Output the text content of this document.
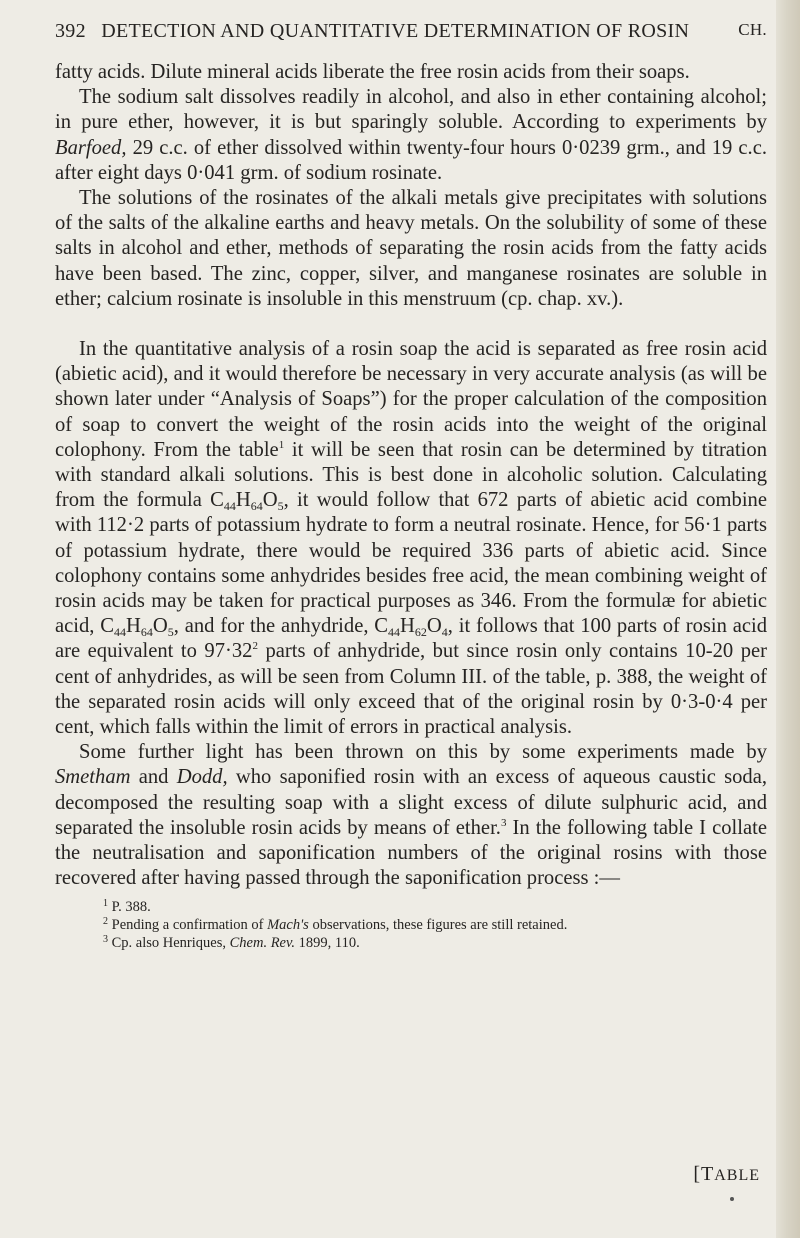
392 DETECTION AND QUANTITATIVE DETERMINATION OF ROSIN	CH.

fatty acids. Dilute mineral acids liberate the free rosin acids from their soaps.

The sodium salt dissolves readily in alcohol, and also in ether containing alcohol; in pure ether, however, it is but sparingly soluble. According to experiments by Barfoed, 29 c.c. of ether dissolved within twenty-four hours 0·0239 grm., and 19 c.c. after eight days 0·041 grm. of sodium rosinate.

The solutions of the rosinates of the alkali metals give precipitates with solutions of the salts of the alkaline earths and heavy metals. On the solubility of some of these salts in alcohol and ether, methods of separating the rosin acids from the fatty acids have been based. The zinc, copper, silver, and manganese rosinates are soluble in ether; calcium rosinate is insoluble in this menstruum (cp. chap. xv.).

In the quantitative analysis of a rosin soap the acid is separated as free rosin acid (abietic acid), and it would therefore be necessary in very accurate analysis (as will be shown later under “Analysis of Soaps”) for the proper calculation of the composition of soap to convert the weight of the rosin acids into the weight of the original colophony. From the table$^1$ it will be seen that rosin can be determined by titration with standard alkali solutions. This is best done in alcoholic solution. Calculating from the formula $C_{44}H_{64}O_5$, it would follow that 672 parts of abietic acid combine with 112·2 parts of potassium hydrate to form a neutral rosinate. Hence, for 56·1 parts of potassium hydrate, there would be required 336 parts of abietic acid. Since colophony contains some anhydrides besides free acid, the mean combining weight of rosin acids may be taken for practical purposes as 346. From the formulæ for abietic acid, $C_{44}H_{64}O_5$, and for the anhydride, $C_{44}H_{62}O_4$, it follows that 100 parts of rosin acid are equivalent to $97\cdot 32^2$ parts of anhydride, but since rosin only contains 10-20 per cent of anhydrides, as will be seen from Column III. of the table, p. 388, the weight of the separated rosin acids will only exceed that of the original rosin by 0·3-0·4 per cent, which falls within the limit of errors in practical analysis.

Some further light has been thrown on this by some experiments made by Smetham and Dodd, who saponified rosin with an excess of aqueous caustic soda, decomposed the resulting soap with a slight excess of dilute sulphuric acid, and separated the insoluble rosin acids by means of ether.$^3$ In the following table I collate the neutralisation and saponification numbers of the original rosins with those recovered after having passed through the saponification process :—

$^1$ P. 388.
$^2$ Pending a confirmation of Mach's observations, these figures are still retained.
$^3$ Cp. also Henriques, Chem. Rev. 1899, 110.
[TABLE
